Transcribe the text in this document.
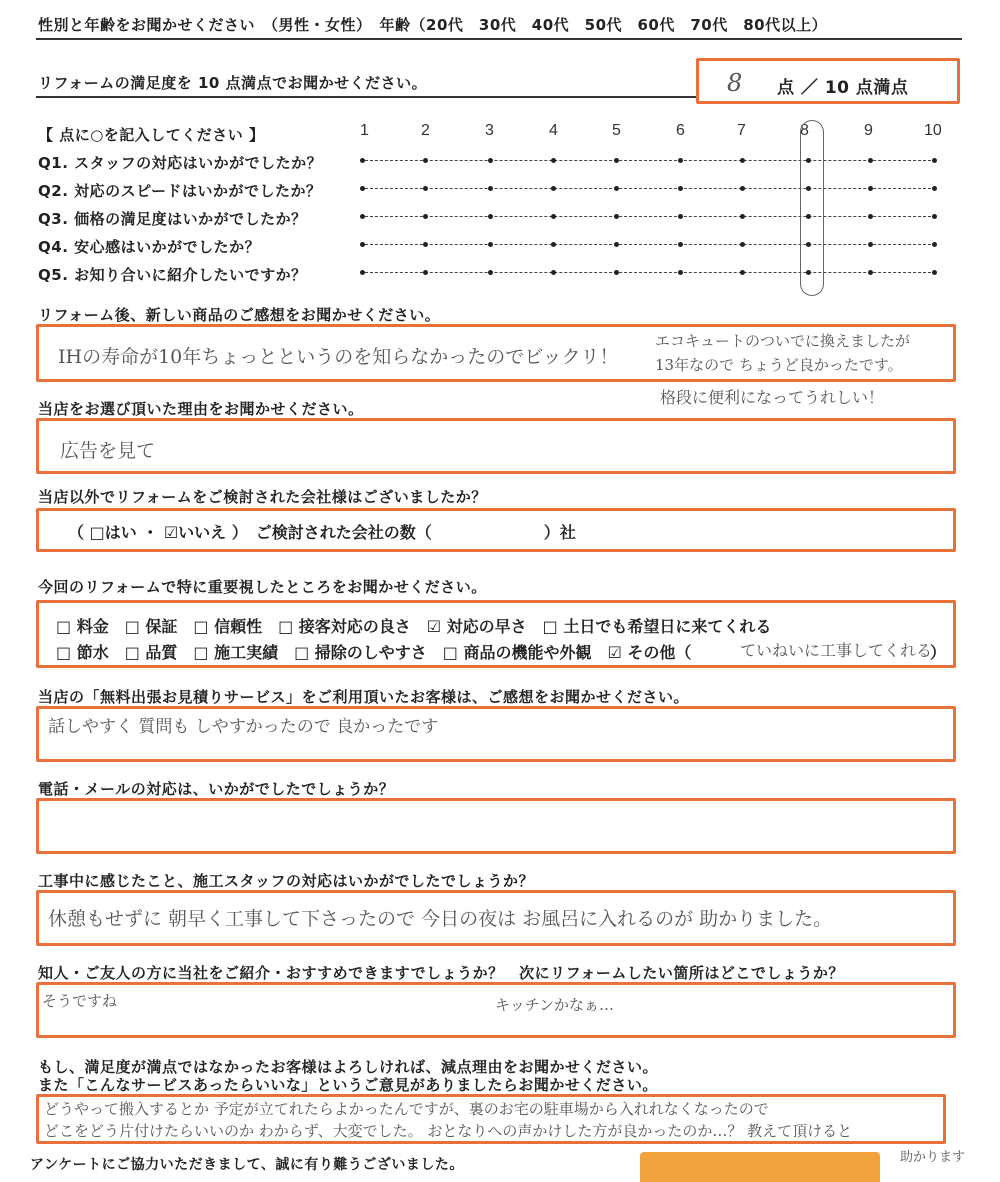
性別と年齢をお聞かせください　（男性・女性）　年齢（20代　30代　40代　50代　60代　70代　80代以上）
リフォームの満足度を 10 点満点でお聞かせください。	8 点 ／ 10 点満点
【 点に○を記入してください 】	1	2	3	4	5	6	7	8	9	10
Q1. スタッフの対応はいかがでしたか？
Q2. 対応のスピードはいかがでしたか？
Q3. 価格の満足度はいかがでしたか？
Q4. 安心感はいかがでしたか？
Q5. お知り合いに紹介したいですか？
リフォーム後、新しい商品のご感想をお聞かせください。
IHの寿命が10年ちょっとというのを知らなかったのでビックリ！
エコキュートのついでに換えましたが
13年なので ちょうど良かったです。
格段に便利になってうれしい！
当店をお選び頂いた理由をお聞かせください。
広告を見て
当店以外でリフォームをご検討された会社様はございましたか？
（ □はい ・ ☑いいえ ）　ご検討された会社の数（　　　　　　　）社
今回のリフォームで特に重要視したところをお聞かせください。
□ 料金　□ 保証　□ 信頼性　□ 接客対応の良さ　☑ 対応の早さ　□ 土日でも希望日に来てくれる
□ 節水　□ 品質　□ 施工実績　□ 掃除のしやすさ　□ 商品の機能や外観　☑ その他（	ていねいに工事してくれる
）
当店の「無料出張お見積りサービス」をご利用頂いたお客様は、ご感想をお聞かせください。
話しやすく 質問も しやすかったので 良かったです
電話・メールの対応は、いかがでしたでしょうか？
工事中に感じたこと、施工スタッフの対応はいかがでしたでしょうか？
休憩もせずに 朝早く工事して下さったので 今日の夜は お風呂に入れるのが 助かりました。
知人・ご友人の方に当社をご紹介・おすすめできますでしょうか？　次にリフォームしたい箇所はどこでしょうか？
そうですね	キッチンかなぁ…
もし、満足度が満点ではなかったお客様はよろしければ、減点理由をお聞かせください。
また「こんなサービスあったらいいな」というご意見がありましたらお聞かせください。
どうやって搬入するとか 予定が立てれたらよかったんですが、裏のお宅の駐車場から入れれなくなったので
どこをどう片付けたらいいのか わからず、大変でした。 おとなりへの声かけした方が良かったのか…？ 教えて頂けると
助かります
アンケートにご協力いただきまして、誠に有り難うございました。
